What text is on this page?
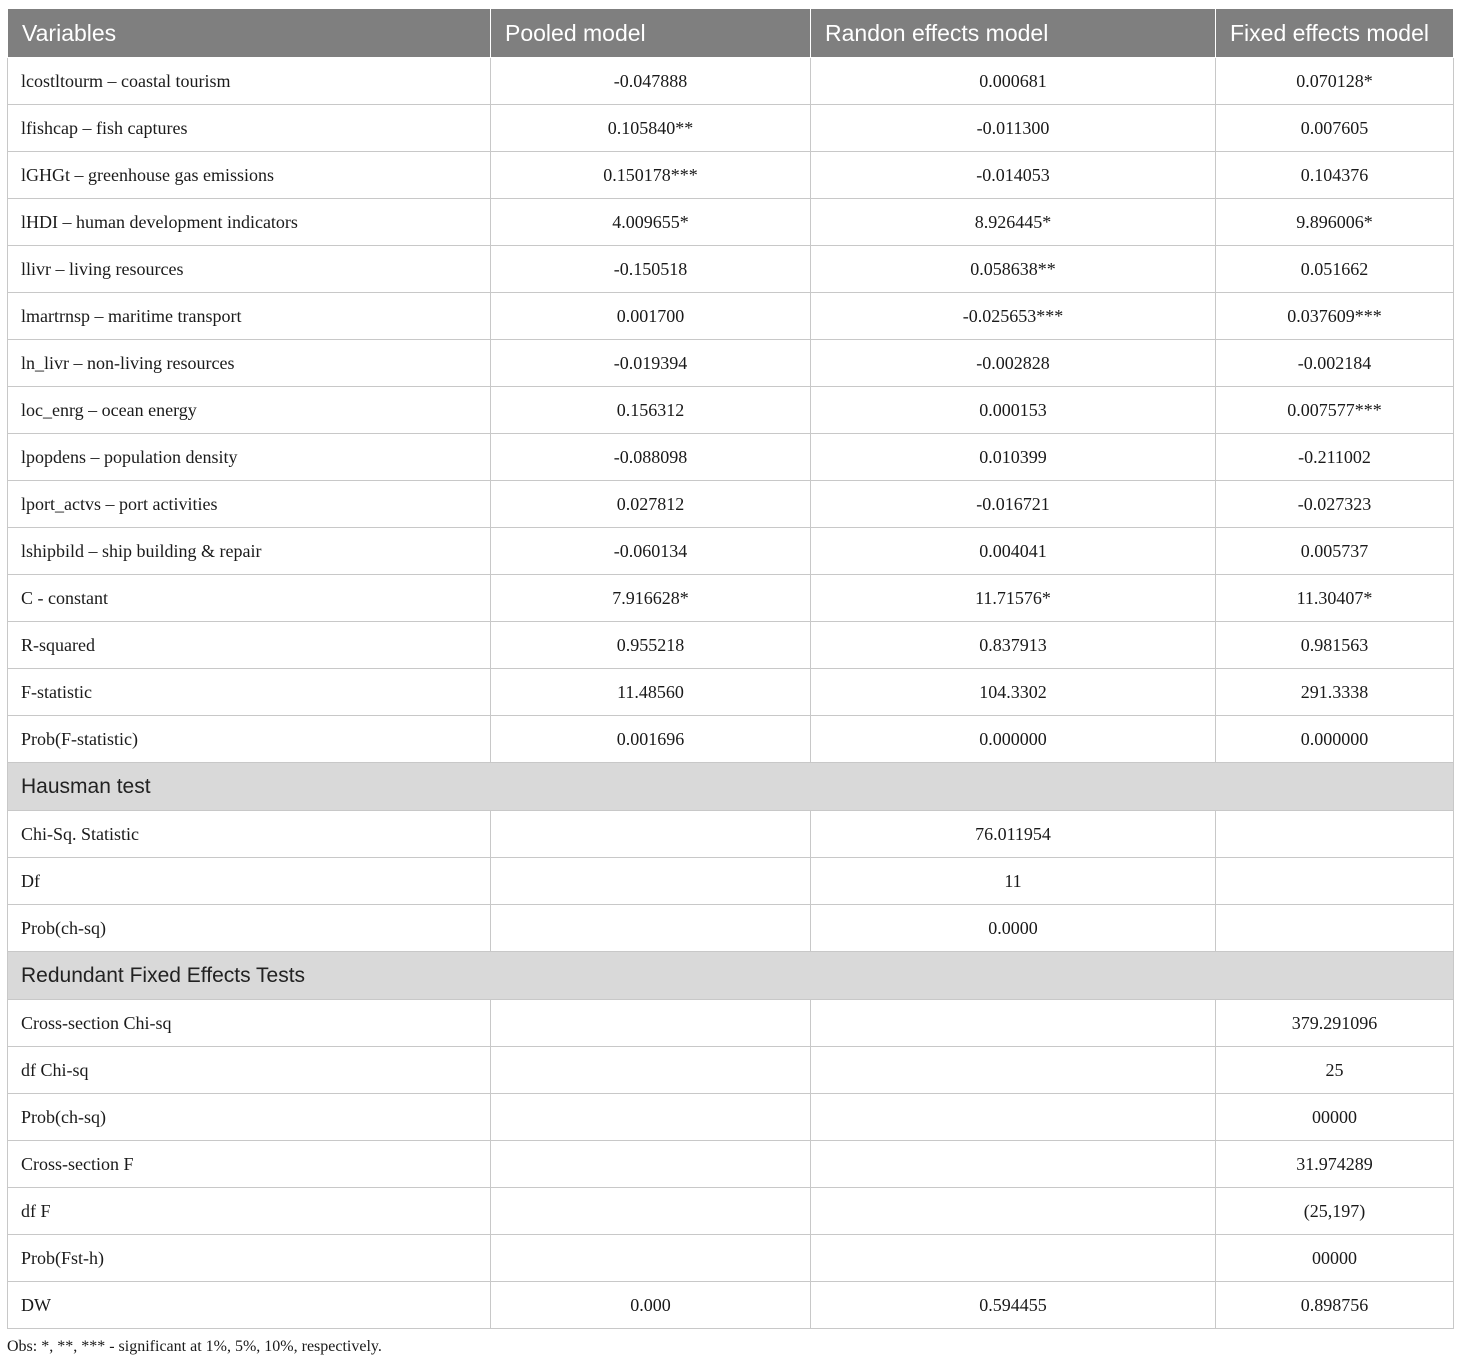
Variables	Pooled model	Randon effects model	Fixed effects model
lcostltourm – coastal tourism	-0.047888	0.000681	0.070128*
lfishcap – fish captures	0.105840**	-0.011300	0.007605
lGHGt – greenhouse gas emissions	0.150178***	-0.014053	0.104376
lHDI – human development indicators	4.009655*	8.926445*	9.896006*
llivr – living resources	-0.150518	0.058638**	0.051662
lmartrnsp – maritime transport	0.001700	-0.025653***	0.037609***
ln_livr – non-living resources	-0.019394	-0.002828	-0.002184
loc_enrg – ocean energy	0.156312	0.000153	0.007577***
lpopdens – population density	-0.088098	0.010399	-0.211002
lport_actvs – port activities	0.027812	-0.016721	-0.027323
lshipbild – ship building & repair	-0.060134	0.004041	0.005737
C - constant	7.916628*	11.71576*	11.30407*
R-squared	0.955218	0.837913	0.981563
F-statistic	11.48560	104.3302	291.3338
Prob(F-statistic)	0.001696	0.000000	0.000000
Hausman test			
Chi-Sq. Statistic		76.011954	
Df		11	
Prob(ch-sq)		0.0000	
Redundant Fixed Effects Tests			
Cross-section Chi-sq			379.291096
df Chi-sq			25
Prob(ch-sq)			00000
Cross-section F			31.974289
df F			(25,197)
Prob(Fst-h)			00000
DW	0.000	0.594455	0.898756
Obs: *, **, *** - significant at 1%, 5%, 10%, respectively.
